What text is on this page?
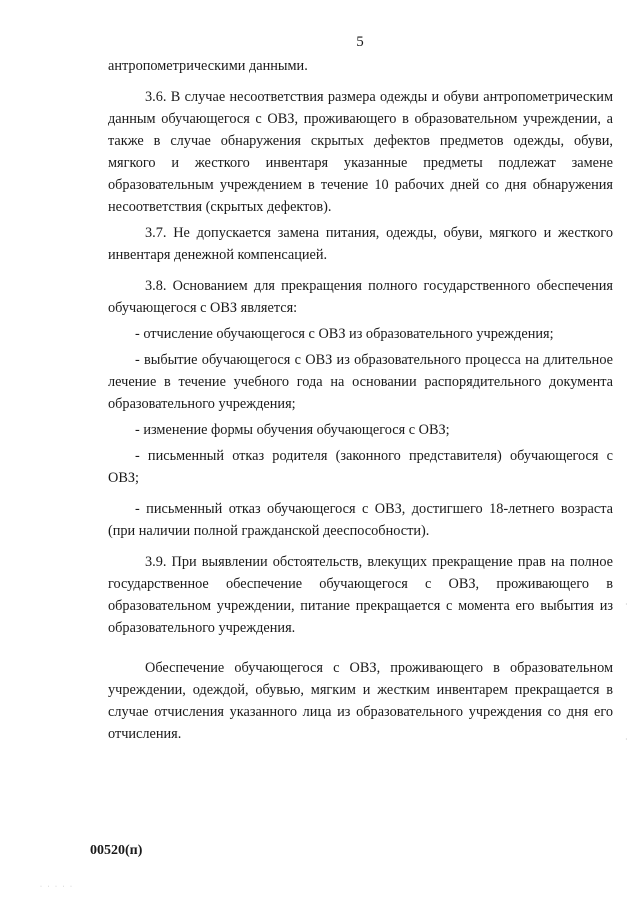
5

антропометрическими данными.

3.6. В случае несоответствия размера одежды и обуви антропометрическим данным обучающегося с ОВЗ, проживающего в образовательном учреждении, а также в случае обнаружения скрытых дефектов предметов одежды, обуви, мягкого и жесткого инвентаря указанные предметы подлежат замене образовательным учреждением в течение 10 рабочих дней со дня обнаружения несоответствия (скрытых дефектов).

3.7. Не допускается замена питания, одежды, обуви, мягкого и жесткого инвентаря денежной компенсацией.

3.8. Основанием для прекращения полного государственного обеспечения обучающегося с ОВЗ является:

- отчисление обучающегося с ОВЗ из образовательного учреждения;

- выбытие обучающегося с ОВЗ из образовательного процесса на длительное лечение в течение учебного года на основании распорядительного документа образовательного учреждения;

- изменение формы обучения обучающегося с ОВЗ;

- письменный отказ родителя (законного представителя) обучающегося с ОВЗ;

- письменный отказ обучающегося с ОВЗ, достигшего 18-летнего возраста (при наличии полной гражданской дееспособности).

3.9. При выявлении обстоятельств, влекущих прекращение прав на полное государственное обеспечение обучающегося с ОВЗ, проживающего в образовательном учреждении, питание прекращается с момента его выбытия из образовательного учреждения.

Обеспечение обучающегося с ОВЗ, проживающего в образовательном учреждении, одеждой, обувью, мягким и жестким инвентарем прекращается в случае отчисления указанного лица из образовательного учреждения со дня его отчисления.

00520(п)
· · · · ·
·
·
